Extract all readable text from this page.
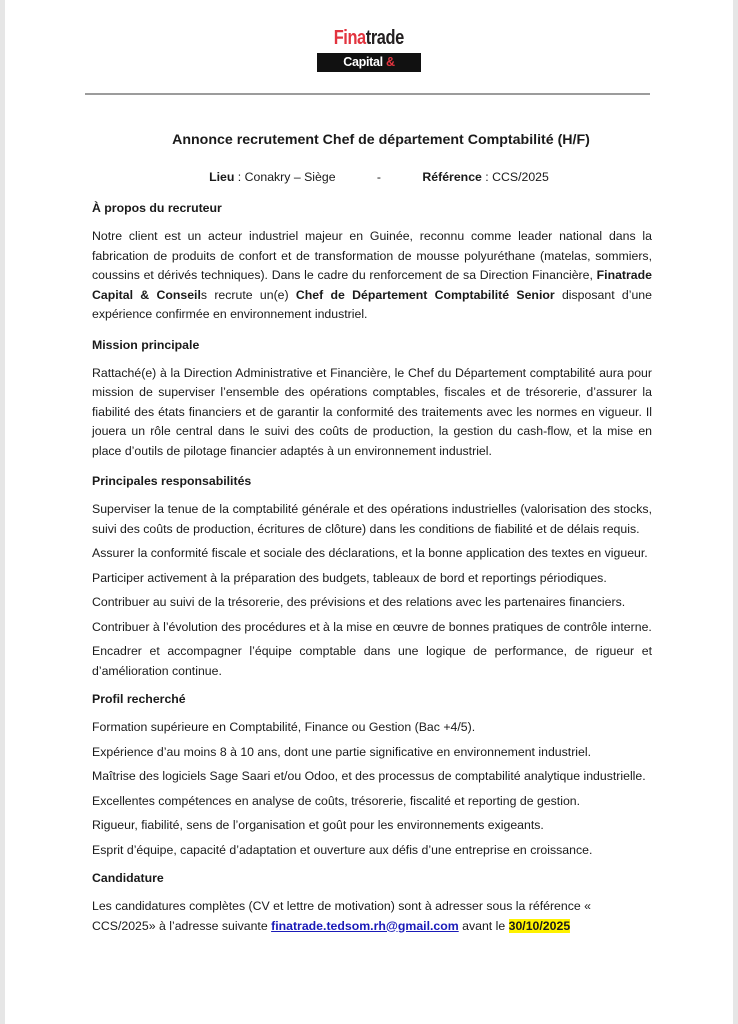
Finatrade
Capital & Conseils
Annonce recrutement Chef de département Comptabilité (H/F)
Lieu : Conakry – Siège	-	Référence : CCS/2025
À propos du recruteur

Notre client est un acteur industriel majeur en Guinée, reconnu comme leader national dans la fabrication de produits de confort et de transformation de mousse polyuréthane (matelas, sommiers, coussins et dérivés techniques). Dans le cadre du renforcement de sa Direction Financière, Finatrade Capital & Conseils recrute un(e) Chef de Département Comptabilité Senior disposant d’une expérience confirmée en environnement industriel.

Mission principale

Rattaché(e) à la Direction Administrative et Financière, le Chef du Département comptabilité aura pour mission de superviser l’ensemble des opérations comptables, fiscales et de trésorerie, d’assurer la fiabilité des états financiers et de garantir la conformité des traitements avec les normes en vigueur. Il jouera un rôle central dans le suivi des coûts de production, la gestion du cash-flow, et la mise en place d’outils de pilotage financier adaptés à un environnement industriel.

Principales responsabilités
Superviser la tenue de la comptabilité générale et des opérations industrielles (valorisation des stocks, suivi des coûts de production, écritures de clôture) dans les conditions de fiabilité et de délais requis.
Assurer la conformité fiscale et sociale des déclarations, et la bonne application des textes en vigueur.
Participer activement à la préparation des budgets, tableaux de bord et reportings périodiques.
Contribuer au suivi de la trésorerie, des prévisions et des relations avec les partenaires financiers.
Contribuer à l’évolution des procédures et à la mise en œuvre de bonnes pratiques de contrôle interne.
Encadrer et accompagner l’équipe comptable dans une logique de performance, de rigueur et d’amélioration continue.
Profil recherché
Formation supérieure en Comptabilité, Finance ou Gestion (Bac +4/5).
Expérience d’au moins 8 à 10 ans, dont une partie significative en environnement industriel.
Maîtrise des logiciels Sage Saari et/ou Odoo, et des processus de comptabilité analytique industrielle.
Excellentes compétences en analyse de coûts, trésorerie, fiscalité et reporting de gestion.
Rigueur, fiabilité, sens de l’organisation et goût pour les environnements exigeants.
Esprit d’équipe, capacité d’adaptation et ouverture aux défis d’une entreprise en croissance.
Candidature

Les candidatures complètes (CV et lettre de motivation) sont à adresser sous la référence « CCS/2025» à l’adresse suivante finatrade.tedsom.rh@gmail.com avant le 30/10/2025
